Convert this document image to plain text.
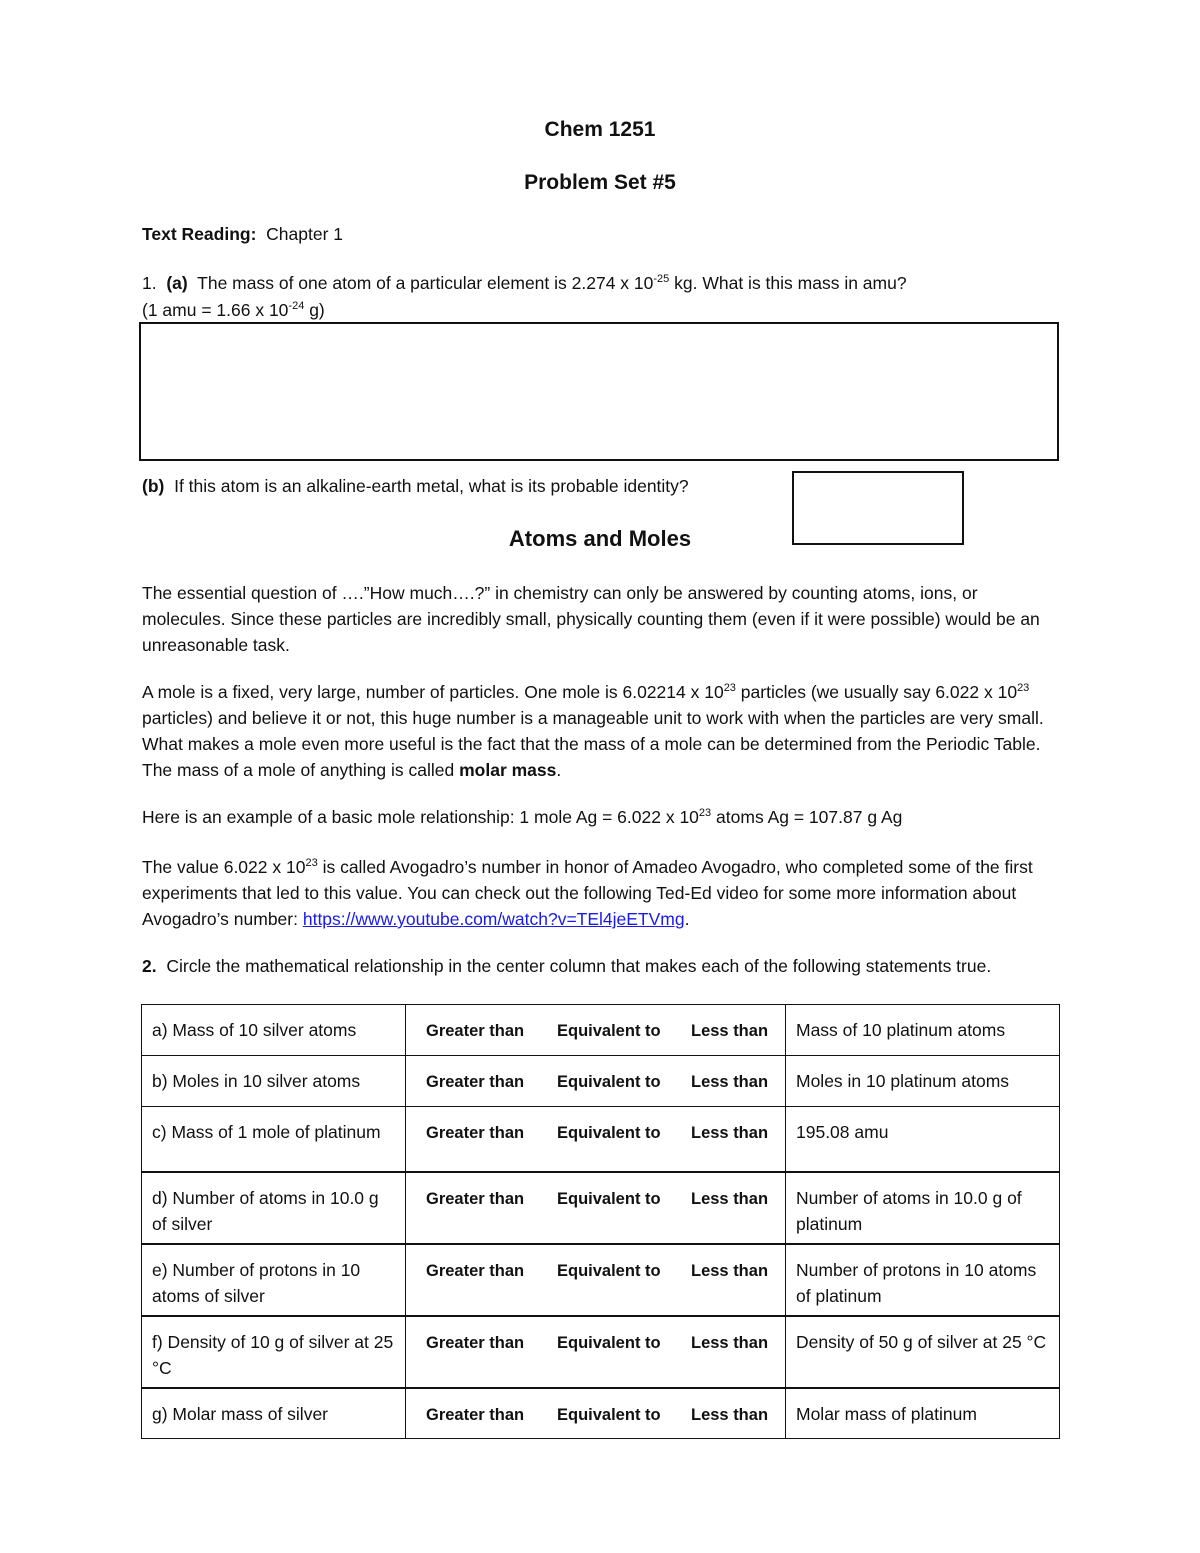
Chem 1251
Problem Set #5
Text Reading: Chapter 1
1. (a) The mass of one atom of a particular element is 2.274 x $10^{-25}$ kg. What is this mass in amu?
(1 amu = 1.66 x $10^{-24}$ g)
(b) If this atom is an alkaline-earth metal, what is its probable identity?
Atoms and Moles
The essential question of ….”How much….?” in chemistry can only be answered by counting atoms, ions, or molecules. Since these particles are incredibly small, physically counting them (even if it were possible) would be an unreasonable task.
A mole is a fixed, very large, number of particles. One mole is 6.02214 x $10^{23}$ particles (we usually say 6.022 x $10^{23}$ particles) and believe it or not, this huge number is a manageable unit to work with when the particles are very small. What makes a mole even more useful is the fact that the mass of a mole can be determined from the Periodic Table. The mass of a mole of anything is called molar mass.
Here is an example of a basic mole relationship: 1 mole Ag = 6.022 x $10^{23}$ atoms Ag = 107.87 g Ag
The value 6.022 x $10^{23}$ is called Avogadro’s number in honor of Amadeo Avogadro, who completed some of the first experiments that led to this value. You can check out the following Ted-Ed video for some more information about Avogadro’s number: https://www.youtube.com/watch?v=TEl4jeETVmg.
2. Circle the mathematical relationship in the center column that makes each of the following statements true.
a) Mass of 10 silver atoms	Greater than Equivalent to Less than	Mass of 10 platinum atoms
b) Moles in 10 silver atoms	Greater than Equivalent to Less than	Moles in 10 platinum atoms
c) Mass of 1 mole of platinum	Greater than Equivalent to Less than	195.08 amu
d) Number of atoms in 10.0 g of silver	Greater than Equivalent to Less than	Number of atoms in 10.0 g of platinum
e) Number of protons in 10 atoms of silver	Greater than Equivalent to Less than	Number of protons in 10 atoms of platinum
f) Density of 10 g of silver at 25 °C	Greater than Equivalent to Less than	Density of 50 g of silver at 25 °C
g) Molar mass of silver	Greater than Equivalent to Less than	Molar mass of platinum
